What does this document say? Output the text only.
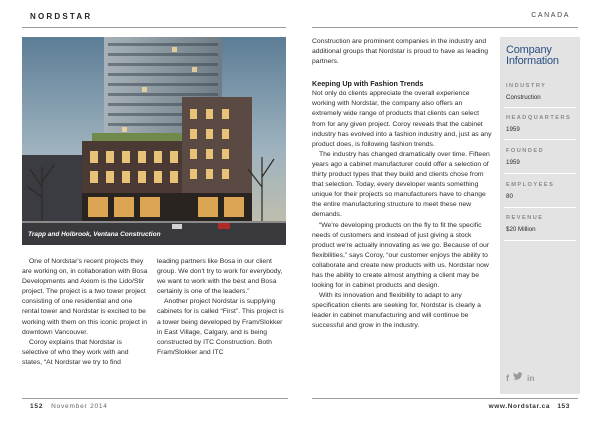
NORDSTAR	CANADA
Trapp and Holbrook, Ventana Construction

One of Nordstar's recent projects they are working on, in collaboration with Bosa Developments and Axiom is the Lido/Stir project. The project is a two tower project consisting of one residential and one rental tower and Nordstar is excited to be working with them on this iconic project in downtown Vancouver.

Coroy explains that Nordstar is selective of who they work with and states, “At Nordstar we try to find

leading partners like Bosa in our client group. We don't try to work for everybody, we want to work with the best and Bosa certainly is one of the leaders.”

Another project Nordstar is supplying cabinets for is called “First”. This project is a tower being developed by Fram/Slokker in East Village, Calgary, and is being constructed by ITC Construction. Both Fram/Slokker and ITC

Construction are prominent companies in the industry and additional groups that Nordstar is proud to have as leading partners.

Keeping Up with Fashion Trends

Not only do clients appreciate the overall experience working with Nordstar, the company also offers an extremely wide range of products that clients can select from for any given project. Coroy reveals that the cabinet industry has evolved into a fashion industry and, just as any product does, is following fashion trends.

The industry has changed dramatically over time. Fifteen years ago a cabinet manufacturer could offer a selection of thirty product types that they build and clients chose from that selection. Today, every developer wants something unique for their projects so manufacturers have to change the entire manufacturing structure to meet these new demands.

“We're developing products on the fly to fit the specific needs of customers and instead of just giving a stock product we're actually innovating as we go. Because of our flexibilities,” says Coroy, “our customer enjoys the ability to collaborate and create new products with us. Nordstar now has the ability to create almost anything a client may be looking for in cabinet products and design.

With its innovation and flexibility to adapt to any specification clients are seeking for, Nordstar is clearly a leader in cabinet manufacturing and will continue be successful and grow in the industry.

Company
Information
INDUSTRY
Construction
HEADQUARTERS
1959
FOUNDED
1959
EMPLOYEES
80
REVENUE
$20 Million
f in
152 November 2014	www.Nordstar.ca 153
